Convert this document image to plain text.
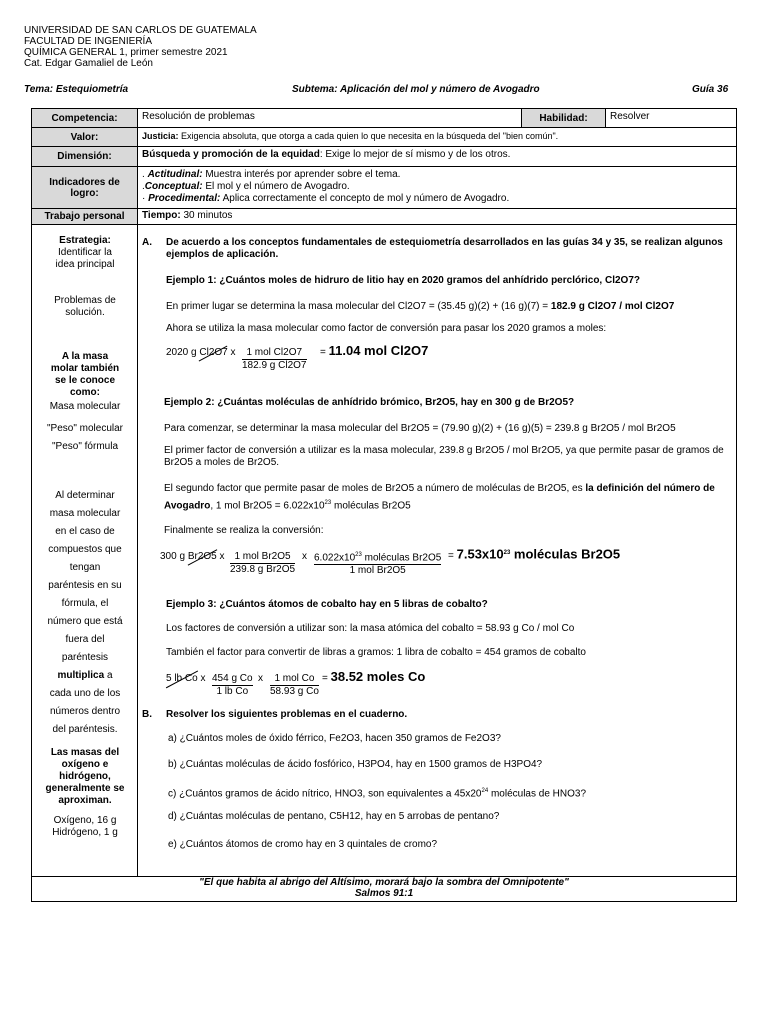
UNIVERSIDAD DE SAN CARLOS DE GUATEMALA
FACULTAD DE INGENIERÍA
QUÍMICA GENERAL 1, primer semestre 2021
Cat. Edgar Gamaliel de León
Tema: Estequiometría	Subtema: Aplicación del mol y número de Avogadro	Guía 36
Competencia:	Resolución de problemas	Habilidad:	Resolver
Valor:	Justicia: Exigencia absoluta, que otorga a cada quien lo que necesita en la búsqueda del "bien común".
Dimensión:	Búsqueda y promoción de la equidad: Exige lo mejor de sí mismo y de los otros.
Indicadores de logro:
. Actitudinal: Muestra interés por aprender sobre el tema.
.Conceptual: El mol y el número de Avogadro.
· Procedimental: Aplica correctamente el concepto de mol y número de Avogadro.
Trabajo personal	Tiempo: 30 minutos
Estrategia:
Identificar la idea principal
Problemas de solución.
A la masa molar también se le conoce como:
Masa molecular
"Peso" molecular
"Peso" fórmula
Al determinar masa molecular en el caso de compuestos que tengan paréntesis en su fórmula, el número que está fuera del paréntesis multiplica a cada uno de los números dentro del paréntesis.
Las masas del oxígeno e hidrógeno, generalmente se aproximan.
Oxígeno, 16 g
Hidrógeno, 1 g
A. De acuerdo a los conceptos fundamentales de estequiometría desarrollados en las guías 34 y 35, se realizan algunos ejemplos de aplicación.
Ejemplo 1: ¿Cuántos moles de hidruro de litio hay en 2020 gramos del anhídrido perclórico, Cl2O7?
En primer lugar se determina la masa molecular del Cl2O7 = (35.45 g)(2) + (16 g)(7) = 182.9 g Cl2O7 / mol Cl2O7
Ahora se utiliza la masa molecular como factor de conversión para pasar los 2020 gramos a moles:
2020 g Cl2O7 x	1 mol Cl2O7
182.9 g Cl2O7
= 11.04 mol Cl2O7
Ejemplo 2: ¿Cuántas moléculas de anhídrido brómico, Br2O5, hay en 300 g de Br2O5?
Para comenzar, se determinar la masa molecular del Br2O5 = (79.90 g)(2) + (16 g)(5) = 239.8 g Br2O5 / mol Br2O5
El primer factor de conversión a utilizar es la masa molecular, 239.8 g Br2O5 / mol Br2O5, ya que permite pasar de gramos de Br2O5 a moles de Br2O5.
El segundo factor que permite pasar de moles de Br2O5 a número de moléculas de Br2O5, es la definición del número de Avogadro, 1 mol $Br2O5 = 6.022x10^{23}$ moléculas Br2O5
Finalmente se realiza la conversión:
300 g Br2O5 x 1 mol Br2O5
239.8 g Br2O5
x $6.022x10^{23}$ moléculas Br2O5
1 mol Br2O5
= $7.53x10^{23}$ moléculas Br2O5
Ejemplo 3: ¿Cuántos átomos de cobalto hay en 5 libras de cobalto?
Los factores de conversión a utilizar son: la masa atómica del cobalto = 58.93 g Co / mol Co
También el factor para convertir de libras a gramos: 1 libra de cobalto = 454 gramos de cobalto
5 lb Co x $\frac{\text{454 g Co}}{\text{1 lb Co}}$ x	1 mol Co
58.93 g Co
= 38.52 moles Co
B. Resolver los siguientes problemas en el cuaderno.
a) ¿Cuántos moles de óxido férrico, Fe2O3, hacen 350 gramos de Fe2O3?
b) ¿Cuántas moléculas de ácido fosfórico, H3PO4, hay en 1500 gramos de H3PO4?
c) ¿Cuántos gramos de ácido nítrico, HNO3, son equivalentes a $45x20^{24}$ moléculas de HNO3?
d) ¿Cuántas moléculas de pentano, C5H12, hay en 5 arrobas de pentano?
e) ¿Cuántos átomos de cromo hay en 3 quintales de cromo?
"El que habita al abrigo del Altísimo, morará bajo la sombra del Omnipotente"
Salmos 91:1
